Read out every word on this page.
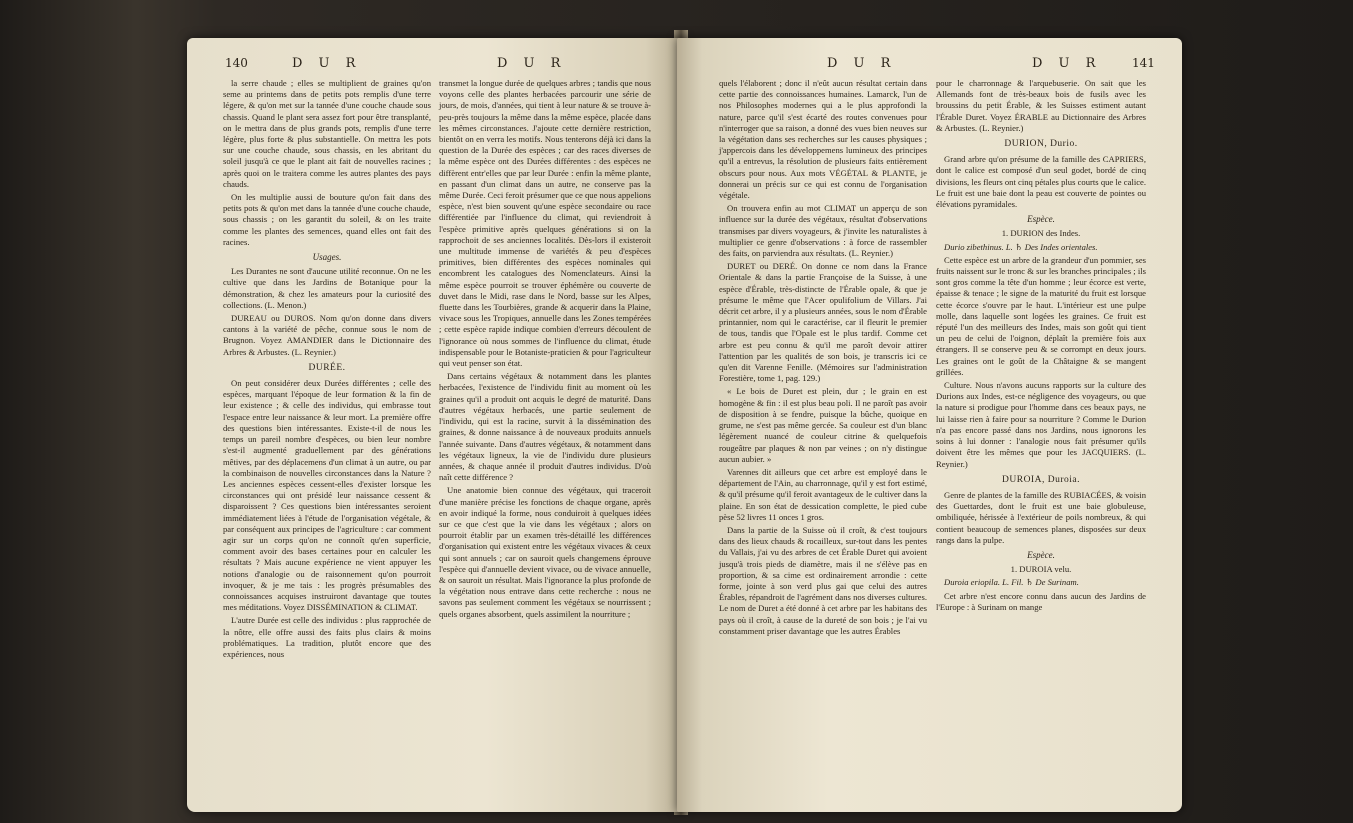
140	D U R	D U R

la serre chaude ; elles se multiplient de graines qu'on seme au printems dans de petits pots remplis d'une terre légere, & qu'on met sur la tannée d'une couche chaude sous chassis. Quand le plant sera assez fort pour être transplanté, on le mettra dans de plus grands pots, remplis d'une terre légère, plus forte & plus substantielle. On mettra les pots sur une couche chaude, sous chassis, en les abritant du soleil jusqu'à ce que le plant ait fait de nouvelles racines ; après quoi on le traitera comme les autres plantes des pays chauds.

On les multiplie aussi de bouture qu'on fait dans des petits pots & qu'on met dans la tannée d'une couche chaude, sous chassis ; on les garantit du soleil, & on les traite comme les plantes des semences, quand elles ont fait des racines.

Usages.

Les Durantes ne sont d'aucune utilité reconnue. On ne les cultive que dans les Jardins de Botanique pour la démonstration, & chez les amateurs pour la curiosité des collections. (L. Menon.)

DUREAU ou DUROS. Nom qu'on donne dans divers cantons à la variété de pêche, connue sous le nom de Brugnon. Voyez AMANDIER dans le Dictionnaire des Arbres & Arbustes. (L. Reynier.)

DURÉE.

On peut considérer deux Durées différentes ; celle des espèces, marquant l'époque de leur formation & la fin de leur existence ; & celle des individus, qui embrasse tout l'espace entre leur naissance & leur mort. La première offre des questions bien intéressantes. Existe-t-il de nous les temps un pareil nombre d'espèces, ou bien leur nombre s'est-il augmenté graduellement par des générations mêtives, par des déplacemens d'un climat à un autre, ou par la combinaison de nouvelles circonstances dans la Nature ? Les anciennes espèces cessent-elles d'exister lorsque les circonstances qui ont présidé leur naissance cessent & disparoissent ? Ces questions bien intéressantes seroient immédiatement liées à l'étude de l'organisation végétale, & par conséquent aux principes de l'agriculture : car comment agir sur un corps qu'on ne connoît qu'en superficie, comment avoir des bases certaines pour en calculer les résultats ? Mais aucune expérience ne vient appuyer les notions d'analogie ou de raisonnement qu'on pourroit invoquer, & je me tais : les progrès présumables des connoissances acquises instruiront davantage que toutes mes méditations. Voyez DISSÉMINATION & CLIMAT.

L'autre Durée est celle des individus : plus rapprochée de la nôtre, elle offre aussi des faits plus clairs & moins problématiques. La tradition, plutôt encore que des expériences, nous

transmet la longue durée de quelques arbres ; tandis que nous voyons celle des plantes herbacées parcourir une série de jours, de mois, d'années, qui tient à leur nature & se trouve à-peu-près toujours la même dans la même espèce, placée dans les mêmes circonstances. J'ajoute cette dernière restriction, bientôt on en verra les motifs. Nous tenterons déjà ici dans la question de la Durée des espèces ; car des races diverses de la même espèce ont des Durées différentes : des espèces ne diffèrent entr'elles que par leur Durée : enfin la même plante, en passant d'un climat dans un autre, ne conserve pas la même Durée. Ceci feroit présumer que ce que nous appelions espèce, n'est bien souvent qu'une espèce secondaire ou race différentiée par l'influence du climat, qui reviendroit à l'espèce primitive après quelques générations si on la rapprochoit de ses anciennes localités. Dès-lors il existeroit une multitude immense de variétés & peu d'espèces primitives, bien différentes des espèces nominales qui encombrent les catalogues des Nomenclateurs. Ainsi la même espèce pourroit se trouver éphémère ou couverte de duvet dans le Midi, rase dans le Nord, basse sur les Alpes, fluette dans les Tourbières, grande & acquerir dans la Plaine, vivace sous les Tropiques, annuelle dans les Zones tempérées ; cette espèce rapide indique combien d'erreurs découlent de l'ignorance où nous sommes de l'influence du climat, étude indispensable pour le Botaniste-praticien & pour l'agriculteur qui veut penser son état.

Dans certains végétaux & notamment dans les plantes herbacées, l'existence de l'individu finit au moment où les graines qu'il a produit ont acquis le degré de maturité. Dans d'autres végétaux herbacés, une partie seulement de l'individu, qui est la racine, survit à la dissémination des graines, & donne naissance à de nouveaux produits annuels l'année suivante. Dans d'autres végétaux, & notamment dans les végétaux ligneux, la vie de l'individu dure plusieurs années, & chaque année il produit d'autres individus. D'où naît cette différence ?

Une anatomie bien connue des végétaux, qui traceroit d'une manière précise les fonctions de chaque organe, après en avoir indiqué la forme, nous conduiroit à quelques idées sur ce que c'est que la vie dans les végétaux ; alors on pourroit établir par un examen très-détaillé les différences d'organisation qui existent entre les végétaux vivaces & ceux qui sont annuels ; car on sauroit quels changemens éprouve l'espèce qui d'annuelle devient vivace, ou de vivace annuelle, & on sauroit un résultat. Mais l'ignorance la plus profonde de la végétation nous entrave dans cette recherche : nous ne savons pas seulement comment les végétaux se nourrissent ; quels organes absorbent, quels assimilent la nourriture ;

D U R	D U R	141

quels l'élaborent ; donc il n'eût aucun résultat certain dans cette partie des connoissances humaines. Lamarck, l'un de nos Philosophes modernes qui a le plus approfondi la nature, parce qu'il s'est écarté des routes convenues pour n'interroger que sa raison, a donné des vues bien neuves sur la végétation dans ses recherches sur les causes physiques ; j'appercois dans les développemens lumineux des principes qu'il a entrevus, la résolution de plusieurs faits entièrement obscurs pour nous. Aux mots VÉGÉTAL & PLANTE, je donnerai un précis sur ce qui est connu de l'organisation végétale.

On trouvera enfin au mot CLIMAT un apperçu de son influence sur la durée des végétaux, résultat d'observations transmises par divers voyageurs, & j'invite les naturalistes à multiplier ce genre d'observations : à force de rassembler des faits, on parviendra aux résultats. (L. Reynier.)

DURET ou DERÉ. On donne ce nom dans la France Orientale & dans la partie Françoise de la Suisse, à une espèce d'Érable, très-distincte de l'Érable opale, & que je présume le même que l'Acer opulifolium de Villars. J'ai décrit cet arbre, il y a plusieurs années, sous le nom d'Érable printannier, nom qui le caractérise, car il fleurit le premier de tous, tandis que l'Opale est le plus tardif. Comme cet arbre est peu connu & qu'il me paroît devoir attirer l'attention par les qualités de son bois, je transcris ici ce qu'en dit Varenne Fenille. (Mémoires sur l'administration Forestière, tome 1, pag. 129.)

« Le bois de Duret est plein, dur ; le grain en est homogène & fin : il est plus beau poli. Il ne paroît pas avoir de disposition à se fendre, puisque la bûche, quoique en grume, ne s'est pas même gercée. Sa couleur est d'un blanc légèrement nuancé de couleur citrine & quelquefois rougeâtre par plaques & non par veines ; on n'y distingue aucun aubier. »

Varennes dit ailleurs que cet arbre est employé dans le département de l'Ain, au charronnage, qu'il y est fort estimé, & qu'il présume qu'il feroit avantageux de le cultiver dans la plaine. En son état de dessication complette, le pied cube pèse 52 livres 11 onces 1 gros.

Dans la partie de la Suisse où il croît, & c'est toujours dans des lieux chauds & rocailleux, sur-tout dans les pentes du Vallais, j'ai vu des arbres de cet Érable Duret qui avoient jusqu'à trois pieds de diamètre, mais il ne s'élève pas en proportion, & sa cime est ordinairement arrondie : cette forme, jointe à son verd plus gai que celui des autres Érables, répandroit de l'agrément dans nos diverses cultures. Le nom de Duret a été donné à cet arbre par les habitans des pays où il croît, à cause de la dureté de son bois ; je l'ai vu constamment priser davantage que les autres Érables

pour le charronnage & l'arquebuserie. On sait que les Allemands font de très-beaux bois de fusils avec les broussins du petit Érable, & les Suisses estiment autant l'Érable Duret. Voyez ÉRABLE au Dictionnaire des Arbres & Arbustes. (L. Reynier.)

DURION, Durio.

Grand arbre qu'on présume de la famille des CAPRIERS, dont le calice est composé d'un seul godet, bordé de cinq divisions, les fleurs ont cinq pétales plus courts que le calice. Le fruit est une baie dont la peau est couverte de pointes ou élévations pyramidales.

Espèce.

1. DURION des Indes.

Durio zibethinus. L. ♄ Des Indes orientales.

Cette espèce est un arbre de la grandeur d'un pommier, ses fruits naissent sur le tronc & sur les branches principales ; ils sont gros comme la tête d'un homme ; leur écorce est verte, épaisse & tenace ; le signe de la maturité du fruit est lorsque cette écorce s'ouvre par le haut. L'intérieur est une pulpe molle, dans laquelle sont logées les graines. Ce fruit est réputé l'un des meilleurs des Indes, mais son goût qui tient un peu de celui de l'oignon, déplaît la première fois aux étrangers. Il se conserve peu & se corrompt en deux jours. Les graines ont le goût de la Châtaigne & se mangent grillées.

Culture. Nous n'avons aucuns rapports sur la culture des Durions aux Indes, est-ce négligence des voyageurs, ou que la nature si prodigue pour l'homme dans ces beaux pays, ne lui laisse rien à faire pour sa nourriture ? Comme le Durion n'a pas encore passé dans nos Jardins, nous ignorons les soins à lui donner : l'analogie nous fait présumer qu'ils doivent être les mêmes que pour les JACQUIERS. (L. Reynier.)

DUROIA, Duroia.

Genre de plantes de la famille des RUBIACÉES, & voisin des Guettardes, dont le fruit est une baie globuleuse, ombiliquée, hérissée à l'extérieur de poils nombreux, & qui contient beaucoup de semences planes, disposées sur deux rangs dans la pulpe.

Espèce.

1. DUROIA velu.

Duroia eriopila. L. Fil. ♄ De Surinam.

Cet arbre n'est encore connu dans aucun des Jardins de l'Europe : à Surinam on mange
